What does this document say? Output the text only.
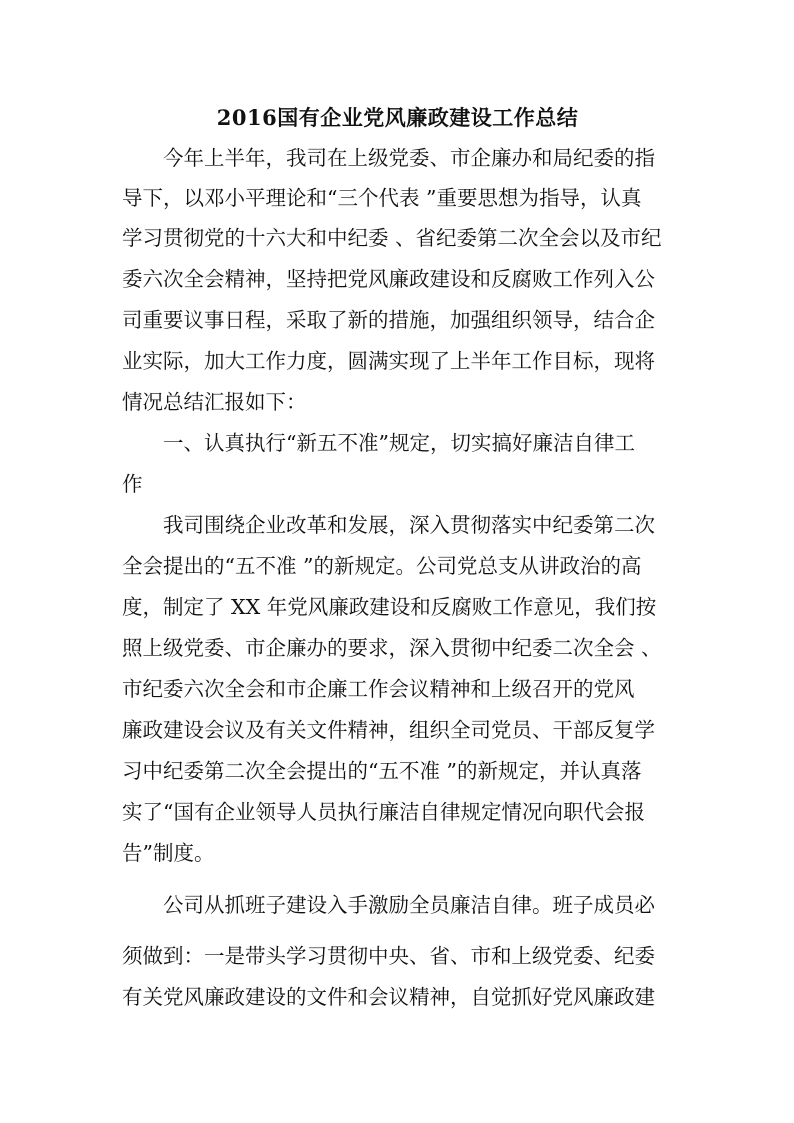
2016国有企业党风廉政建设工作总结
今年上半年，我司在上级党委、市企廉办和局纪委的指
导下，以邓小平理论和“三个代表 ”重要思想为指导，认真
学习贯彻党的十六大和中纪委 、省纪委第二次全会以及市纪
委六次全会精神，坚持把党风廉政建设和反腐败工作列入公
司重要议事日程，采取了新的措施，加强组织领导，结合企
业实际，加大工作力度，圆满实现了上半年工作目标，现将
情况总结汇报如下：
一、认真执行“新五不准”规定，切实搞好廉洁自律工
作
我司围绕企业改革和发展，深入贯彻落实中纪委第二次
全会提出的“五不准 ”的新规定。公司党总支从讲政治的高
度，制定了 XX 年党风廉政建设和反腐败工作意见，我们按
照上级党委、市企廉办的要求，深入贯彻中纪委二次全会 、
市纪委六次全会和市企廉工作会议精神和上级召开的党风
廉政建设会议及有关文件精神，组织全司党员、干部反复学
习中纪委第二次全会提出的“五不准 ”的新规定，并认真落
实了“国有企业领导人员执行廉洁自律规定情况向职代会报
告”制度。
公司从抓班子建设入手激励全员廉洁自律。班子成员必
须做到：一是带头学习贯彻中央、省、市和上级党委、纪委
有关党风廉政建设的文件和会议精神，自觉抓好党风廉政建
